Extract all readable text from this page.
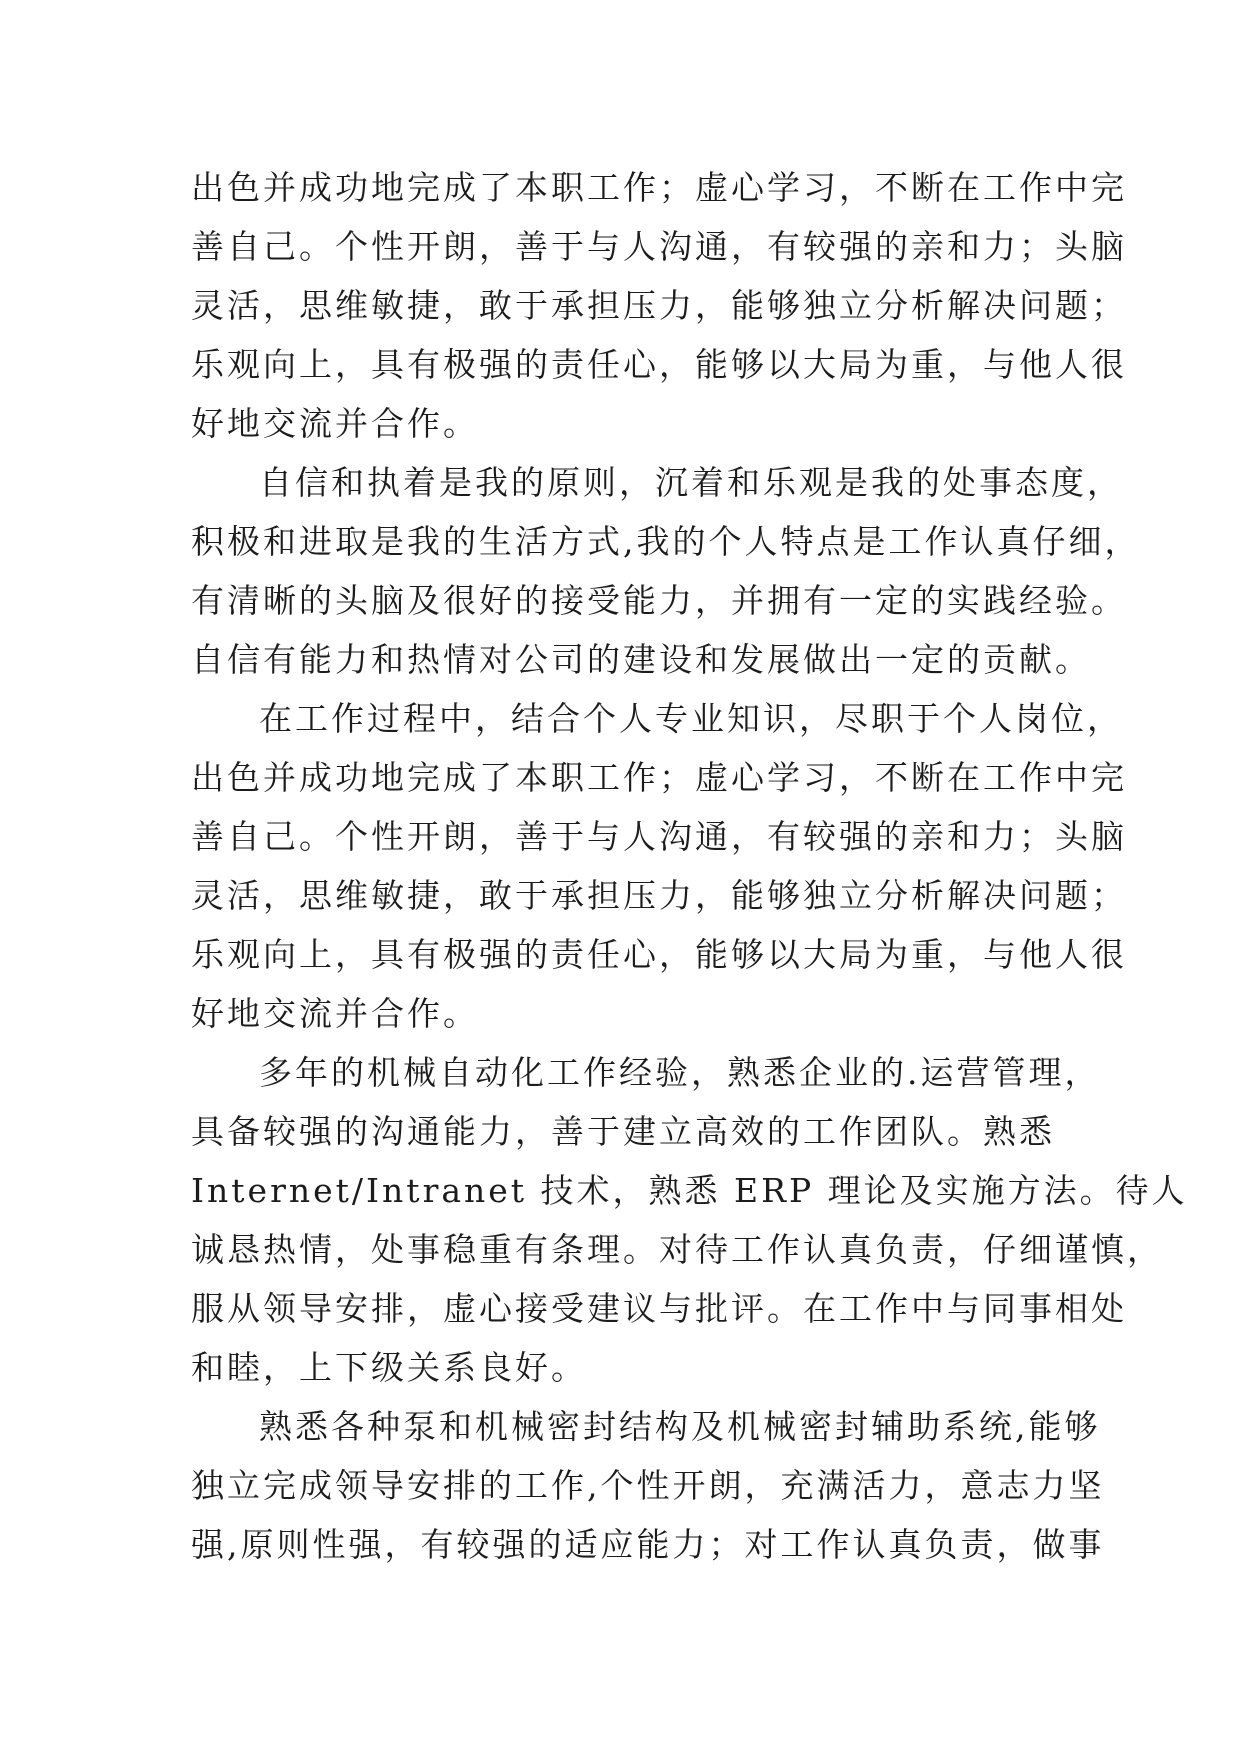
出色并成功地完成了本职工作；虚心学习，不断在工作中完
善自己。个性开朗，善于与人沟通，有较强的亲和力；头脑
灵活，思维敏捷，敢于承担压力，能够独立分析解决问题；
乐观向上，具有极强的责任心，能够以大局为重，与他人很
好地交流并合作。
自信和执着是我的原则，沉着和乐观是我的处事态度，
积极和进取是我的生活方式,我的个人特点是工作认真仔细，
有清晰的头脑及很好的接受能力，并拥有一定的实践经验。
自信有能力和热情对公司的建设和发展做出一定的贡献。
在工作过程中，结合个人专业知识，尽职于个人岗位，
出色并成功地完成了本职工作；虚心学习，不断在工作中完
善自己。个性开朗，善于与人沟通，有较强的亲和力；头脑
灵活，思维敏捷，敢于承担压力，能够独立分析解决问题；
乐观向上，具有极强的责任心，能够以大局为重，与他人很
好地交流并合作。
多年的机械自动化工作经验，熟悉企业的.运营管理，
具备较强的沟通能力，善于建立高效的工作团队。熟悉
Internet/Intranet 技术，熟悉 ERP 理论及实施方法。待人
诚恳热情，处事稳重有条理。对待工作认真负责，仔细谨慎，
服从领导安排，虚心接受建议与批评。在工作中与同事相处
和睦，上下级关系良好。
熟悉各种泵和机械密封结构及机械密封辅助系统,能够
独立完成领导安排的工作,个性开朗，充满活力，意志力坚
强,原则性强，有较强的适应能力；对工作认真负责，做事
